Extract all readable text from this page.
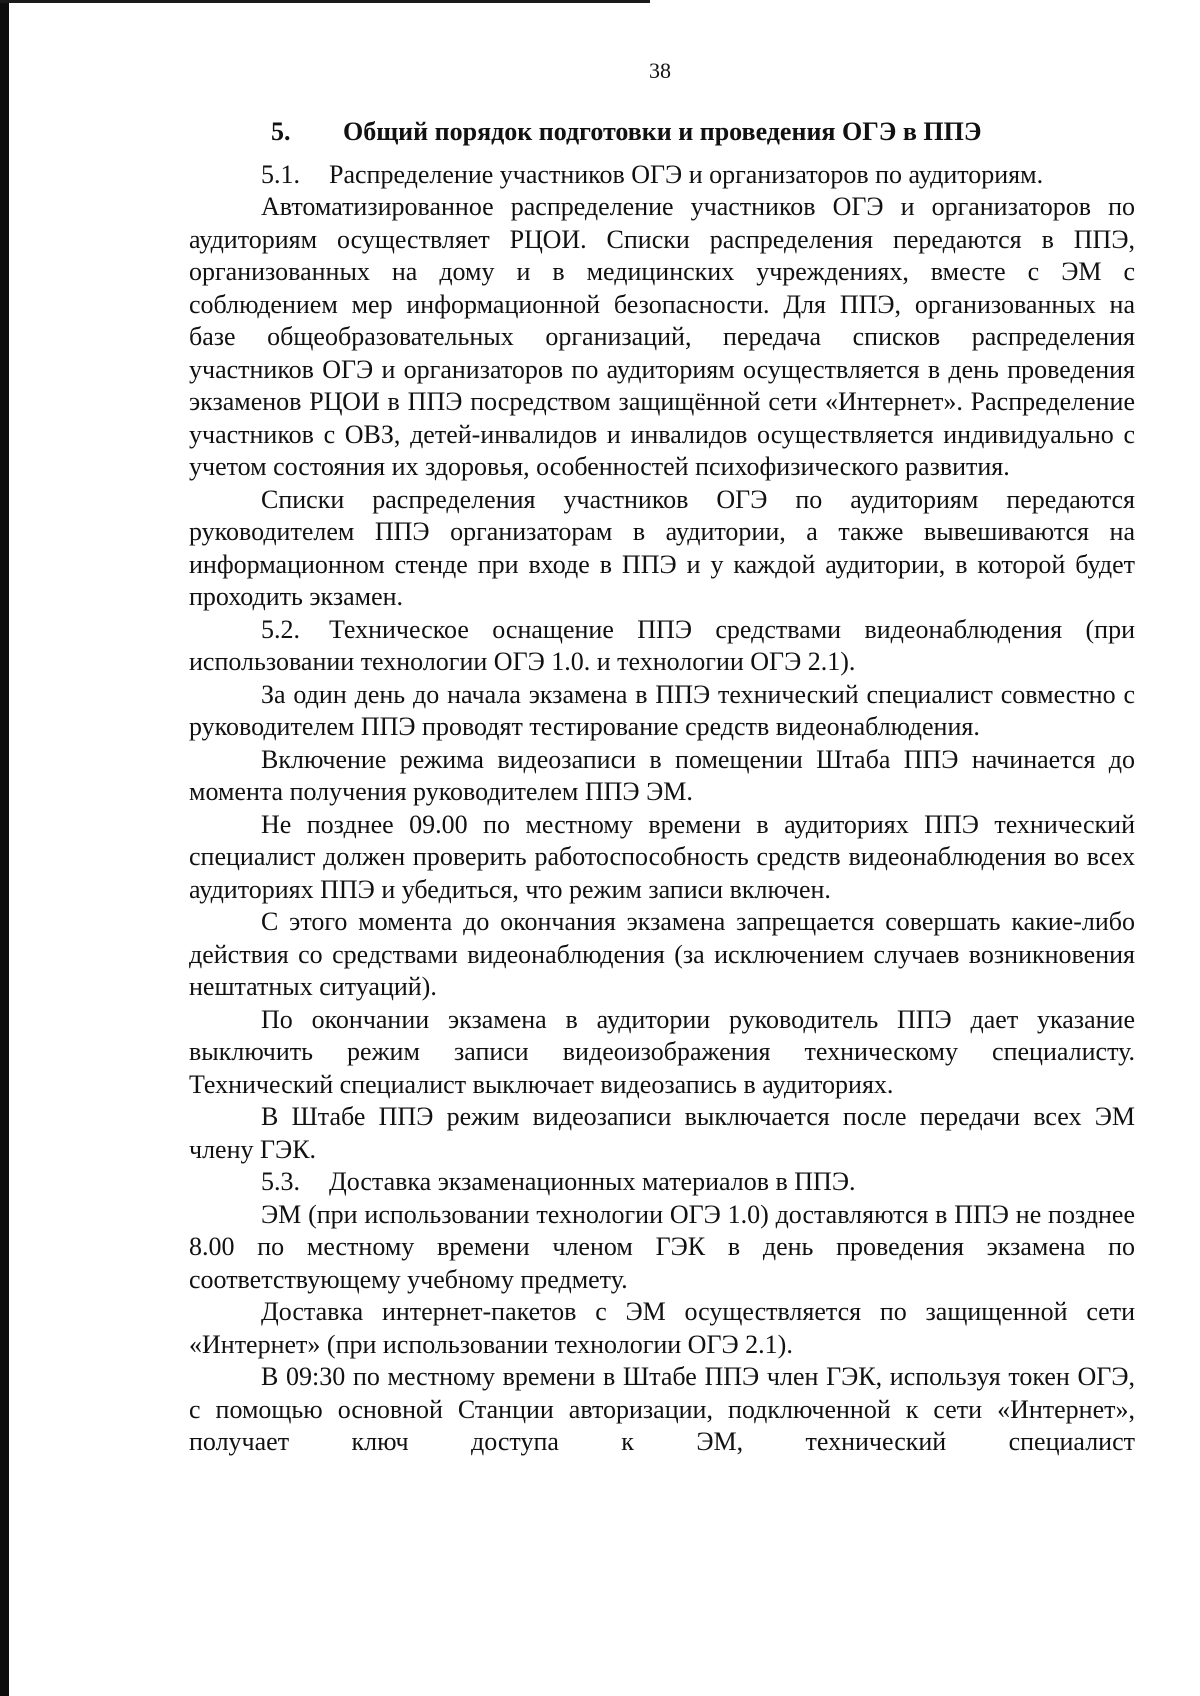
38
5.	Общий порядок подготовки и проведения ОГЭ в ППЭ

5.1. Распределение участников ОГЭ и организаторов по аудиториям.

Автоматизированное распределение участников ОГЭ и организаторов по аудиториям осуществляет РЦОИ. Списки распределения передаются в ППЭ, организованных на дому и в медицинских учреждениях, вместе с ЭМ с соблюдением мер информационной безопасности. Для ППЭ, организованных на базе общеобразовательных организаций, передача списков распределения участников ОГЭ и организаторов по аудиториям осуществляется в день проведения экзаменов РЦОИ в ППЭ посредством защищённой сети «Интернет». Распределение участников с ОВЗ, детей-инвалидов и инвалидов осуществляется индивидуально с учетом состояния их здоровья, особенностей психофизического развития.

Списки распределения участников ОГЭ по аудиториям передаются руководителем ППЭ организаторам в аудитории, а также вывешиваются на информационном стенде при входе в ППЭ и у каждой аудитории, в которой будет проходить экзамен.

5.2. Техническое оснащение ППЭ средствами видеонаблюдения (при использовании технологии ОГЭ 1.0. и технологии ОГЭ 2.1).

За один день до начала экзамена в ППЭ технический специалист совместно с руководителем ППЭ проводят тестирование средств видеонаблюдения.

Включение режима видеозаписи в помещении Штаба ППЭ начинается до момента получения руководителем ППЭ ЭМ.

Не позднее 09.00 по местному времени в аудиториях ППЭ технический специалист должен проверить работоспособность средств видеонаблюдения во всех аудиториях ППЭ и убедиться, что режим записи включен.

С этого момента до окончания экзамена запрещается совершать какие-либо действия со средствами видеонаблюдения (за исключением случаев возникновения нештатных ситуаций).

По окончании экзамена в аудитории руководитель ППЭ дает указание выключить режим записи видеоизображения техническому специалисту. Технический специалист выключает видеозапись в аудиториях.

В Штабе ППЭ режим видеозаписи выключается после передачи всех ЭМ члену ГЭК.

5.3. Доставка экзаменационных материалов в ППЭ.

ЭМ (при использовании технологии ОГЭ 1.0) доставляются в ППЭ не позднее 8.00 по местному времени членом ГЭК в день проведения экзамена по соответствующему учебному предмету.

Доставка интернет-пакетов с ЭМ осуществляется по защищенной сети «Интернет» (при использовании технологии ОГЭ 2.1).

В 09:30 по местному времени в Штабе ППЭ член ГЭК, используя токен ОГЭ, с помощью основной Станции авторизации, подключенной к сети «Интернет», получает ключ доступа к ЭМ, технический специалист
